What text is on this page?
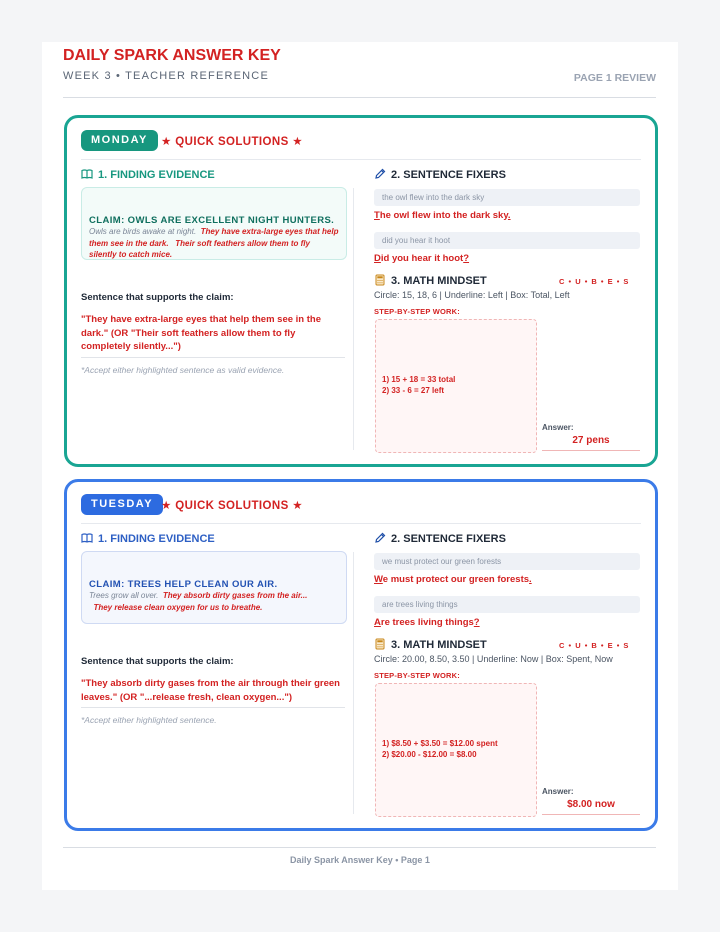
DAILY SPARK ANSWER KEY
WEEK 3 • TEACHER REFERENCE	PAGE 1 REVIEW
MONDAY	★ QUICK SOLUTIONS ★
1. FINDING EVIDENCE
CLAIM: OWLS ARE EXCELLENT NIGHT HUNTERS.
Owls are birds awake at night. They have extra-large eyes that help them see in the dark. Their soft feathers allow them to fly silently to catch mice.
Sentence that supports the claim:
"They have extra-large eyes that help them see in the dark." (OR "Their soft feathers allow them to fly completely silently...")
*Accept either highlighted sentence as valid evidence.
2. SENTENCE FIXERS
the owl flew into the dark sky
The owl flew into the dark sky.
did you hear it hoot
Did you hear it hoot?
3. MATH MINDSET	C • U • B • E • S
Circle: 15, 18, 6 | Underline: Left | Box: Total, Left
STEP-BY-STEP WORK:
1) 15 + 18 = 33 total
2) 33 - 6 = 27 left
Answer:
27 pens
TUESDAY ★ QUICK SOLUTIONS ★
1. FINDING EVIDENCE
CLAIM: TREES HELP CLEAN OUR AIR.
Trees grow all over. They absorb dirty gases from the air...
They release clean oxygen for us to breathe.
Sentence that supports the claim:
"They absorb dirty gases from the air through their green leaves." (OR "...release fresh, clean oxygen...")
*Accept either highlighted sentence.
2. SENTENCE FIXERS
we must protect our green forests
We must protect our green forests.
are trees living things
Are trees living things?
3. MATH MINDSET	C • U • B • E • S
Circle: 20.00, 8.50, 3.50 | Underline: Now | Box: Spent, Now
STEP-BY-STEP WORK:
1) $8.50 + $3.50 = $12.00 spent
2) $20.00 - $12.00 = $8.00
Answer:
$8.00 now
Daily Spark Answer Key • Page 1
